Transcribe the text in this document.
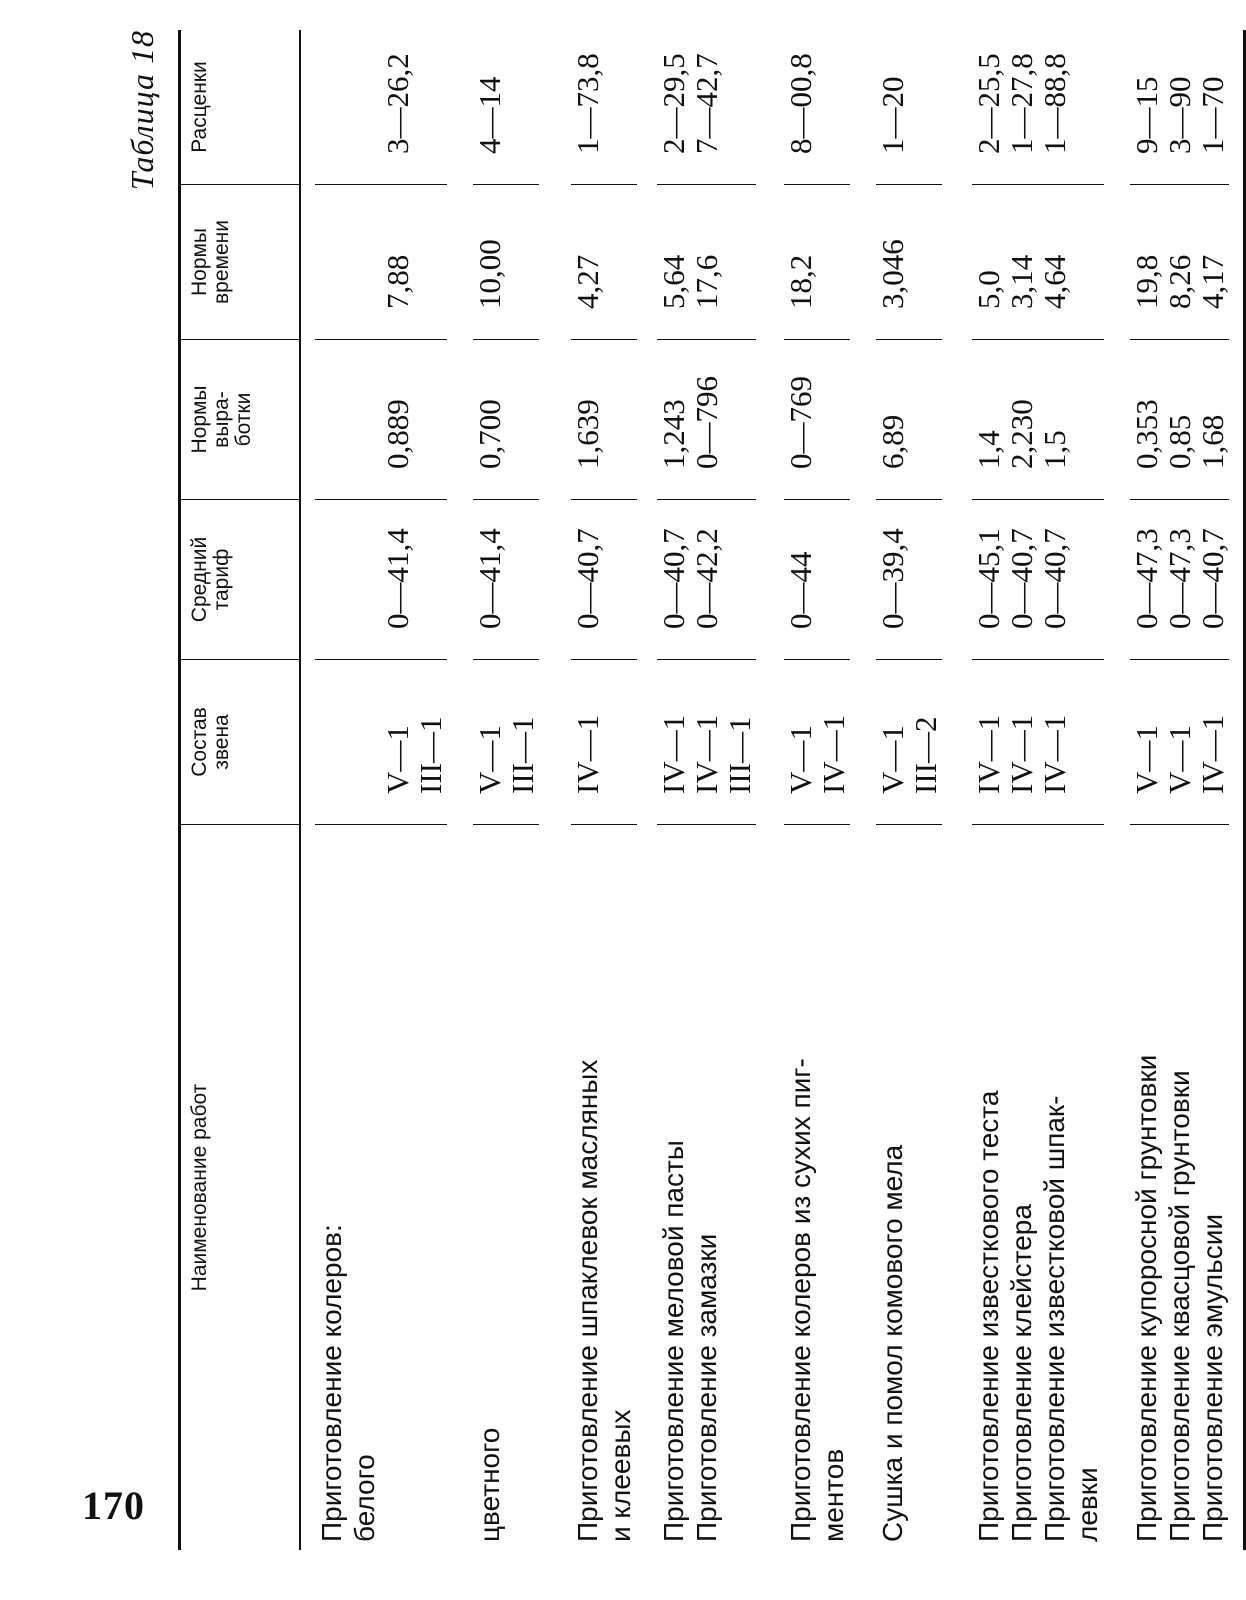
170
Таблица 18
Наименование работ
Состав
звена
Средний
тариф
Нормы
выра-
ботки
Нормы
времени
Расценки
Приготовление колеров:
белого
V—1
III—1
0—41,4
0,889
7,88
3—26,2
цветного
V—1
III—1
0—41,4
0,700
10,00
4—14
Приготовление шпаклевок масляных
и клеевых
IV—1
0—40,7
1,639
4,27
1—73,8
Приготовление меловой пасты
Приготовление замазки
IV—1
IV—1
III—1
0—40,7
0—42,2
1,243
0—796
5,64
17,6
2—29,5
7—42,7
Приготовление колеров из сухих пиг-
ментов
V—1
IV—1
0—44
0—769
18,2
8—00,8
Сушка и помол комового мела
V—1
III—2
0—39,4
6,89
3,046
1—20
Приготовление известкового теста
Приготовление клейстера
Приготовление известковой шпак-
левки
IV—1
IV—1
IV—1
0—45,1
0—40,7
0—40,7
1,4
2,230
1,5
5,0
3,14
4,64
2—25,5
1—27,8
1—88,8
Приготовление купоросной грунтовки
Приготовление квасцовой грунтовки
Приготовление эмульсии
V—1
V—1
IV—1
0—47,3
0—47,3
0—40,7
0,353
0,85
1,68
19,8
8,26
4,17
9—15
3—90
1—70
